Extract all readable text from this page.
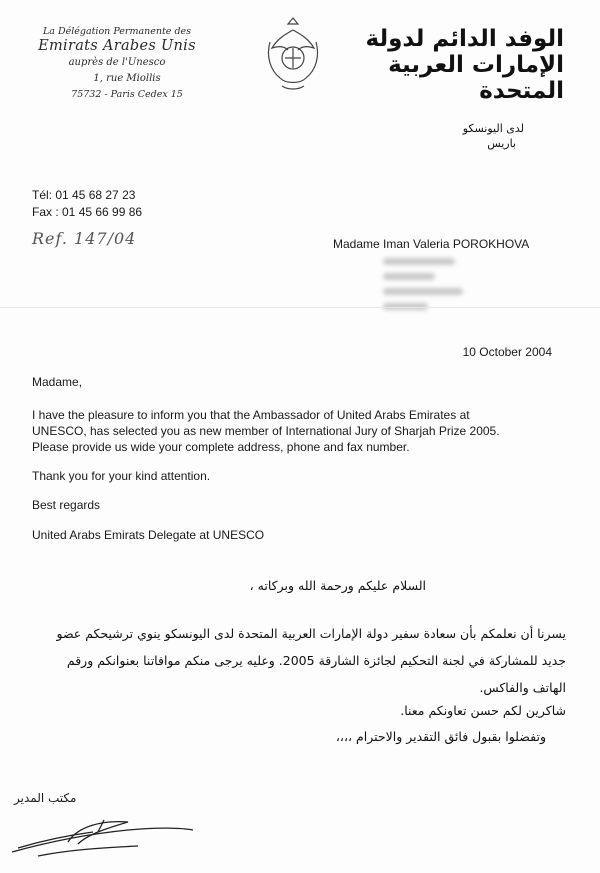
La Délégation Permanente des
Emirats Arabes Unis
auprès de l'Unesco
1, rue Miollis
75732 - Paris Cedex 15
الوفد الدائم لدولة
الإمارات العربية المتحدة
لدى اليونسكو
باريس
Tél: 01 45 68 27 23
Fax : 01 45 66 99 86
Ref. 147/04	Madame Iman Valeria POROKHOVA
10 October 2004

Madame,

I have the pleasure to inform you that the Ambassador of United Arabs Emirates at
UNESCO, has selected you as new member of International Jury of Sharjah Prize 2005.
Please provide us wide your complete address, phone and fax number.

Thank you for your kind attention.

Best regards

United Arabs Emirats Delegate at UNESCO

السلام عليكم ورحمة الله وبركاته ،

يسرنا أن نعلمكم بأن سعادة سفير دولة الإمارات العربية المتحدة لدى اليونسكو ينوي ترشيحكم عضو
جديد للمشاركة في لجنة التحكيم لجائزة الشارقة 2005. وعليه يرجى منكم موافاتنا بعنوانكم ورقم
الهاتف والفاكس.

شاكرين لكم حسن تعاونكم معنا.

وتفضلوا بقبول فائق التقدير والاحترام ،،،،

مكتب المدير
